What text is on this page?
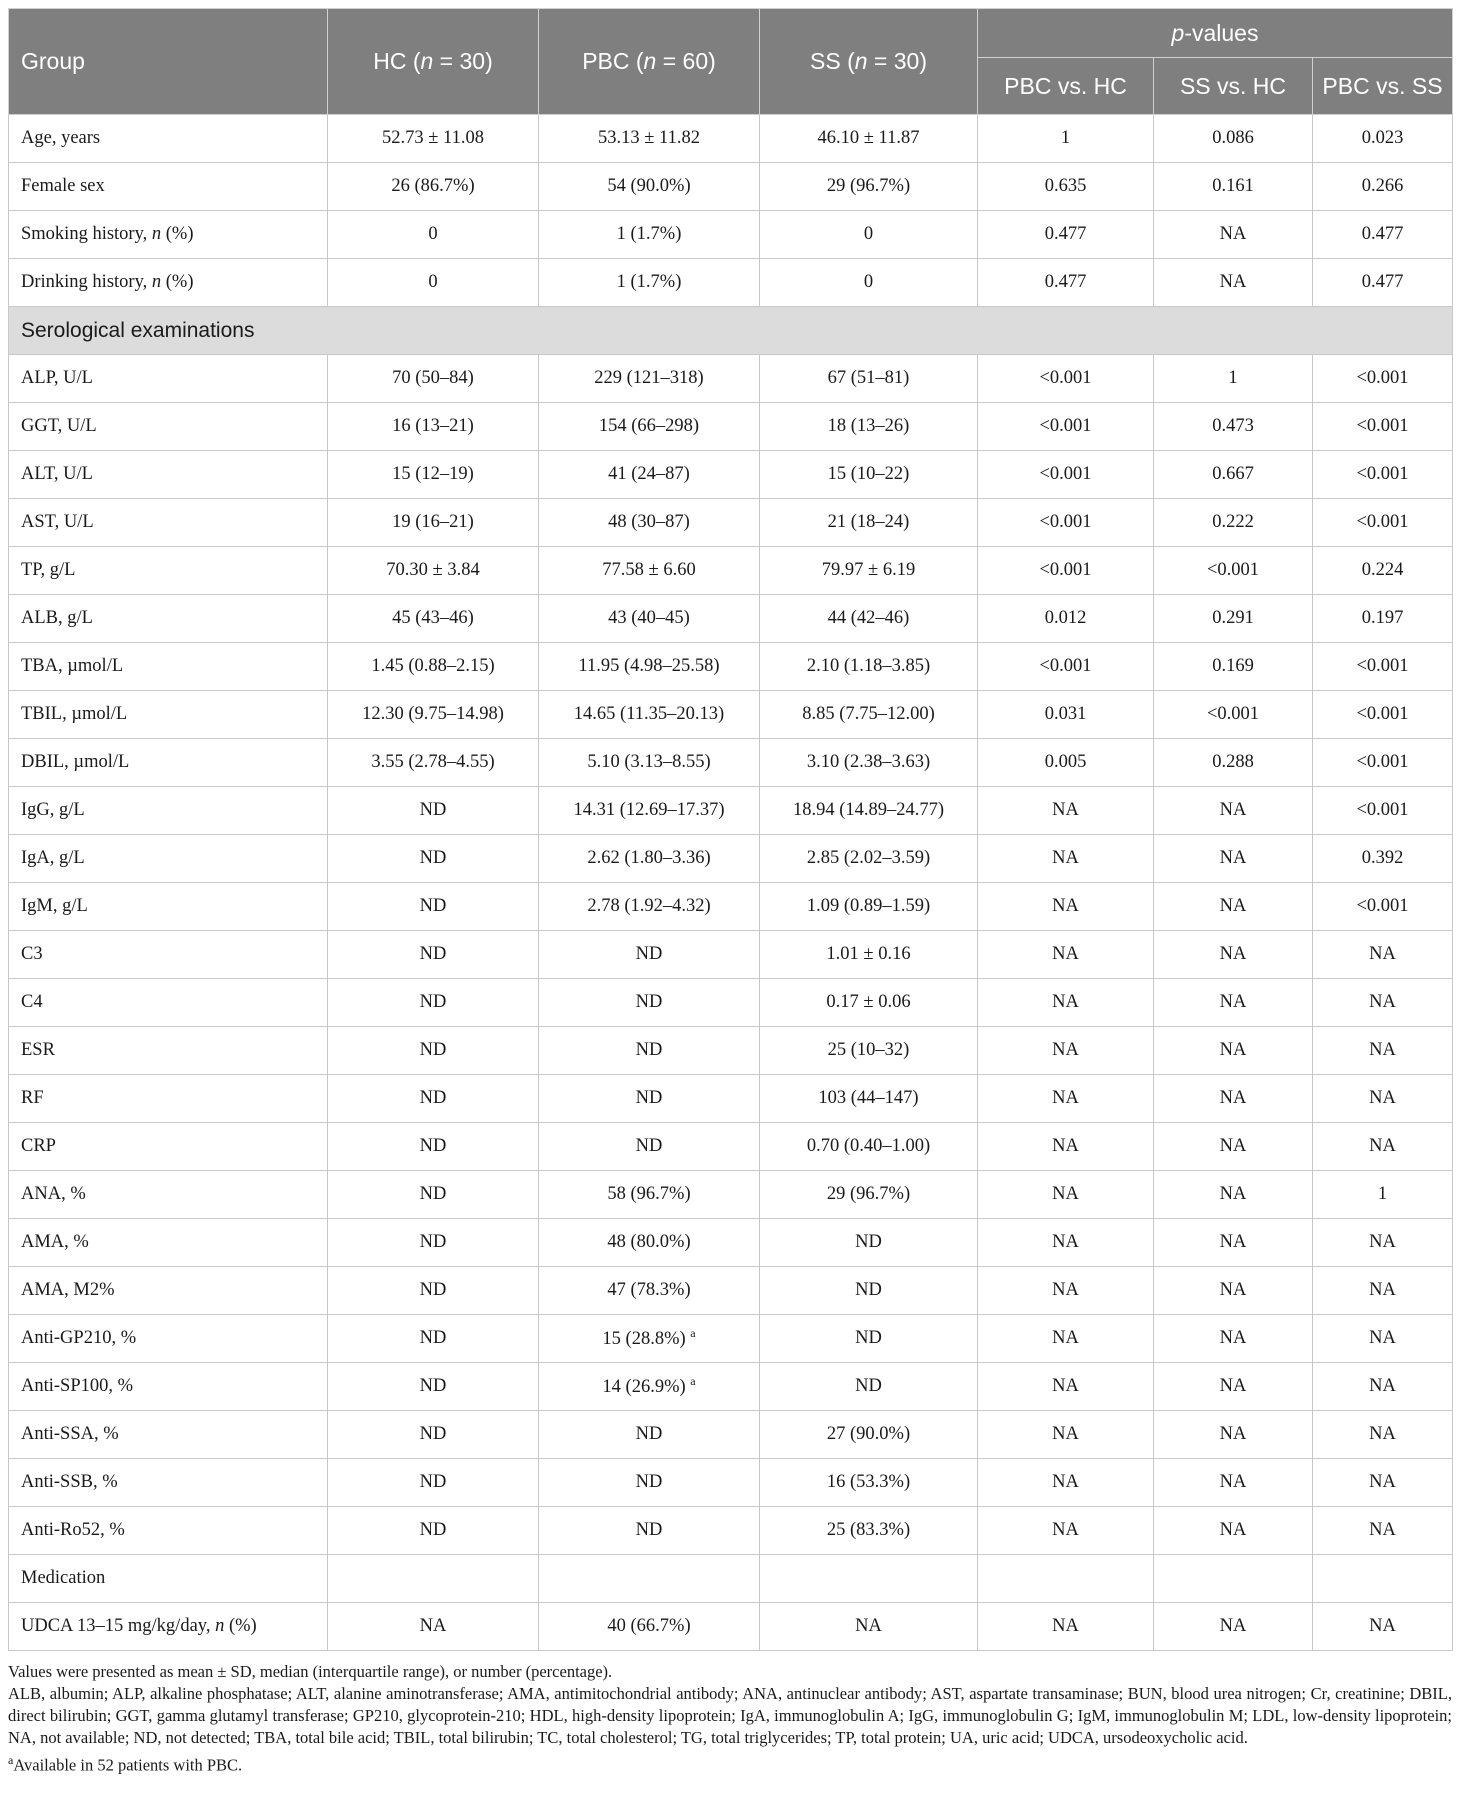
Group	HC (n = 30)	PBC (n = 60)	SS (n = 30)	p-values		
				PBC vs. HC	SS vs. HC	PBC vs. SS
Age, years	52.73 ± 11.08	53.13 ± 11.82	46.10 ± 11.87	1	0.086	0.023
Female sex	26 (86.7%)	54 (90.0%)	29 (96.7%)	0.635	0.161	0.266
Smoking history, n (%)	0	1 (1.7%)	0	0.477	NA	0.477
Drinking history, n (%)	0	1 (1.7%)	0	0.477	NA	0.477
Serological examinations						
ALP, U/L	70 (50–84)	229 (121–318)	67 (51–81)	<0.001	1	<0.001
GGT, U/L	16 (13–21)	154 (66–298)	18 (13–26)	<0.001	0.473	<0.001
ALT, U/L	15 (12–19)	41 (24–87)	15 (10–22)	<0.001	0.667	<0.001
AST, U/L	19 (16–21)	48 (30–87)	21 (18–24)	<0.001	0.222	<0.001
TP, g/L	70.30 ± 3.84	77.58 ± 6.60	79.97 ± 6.19	<0.001	<0.001	0.224
ALB, g/L	45 (43–46)	43 (40–45)	44 (42–46)	0.012	0.291	0.197
TBA, µmol/L	1.45 (0.88–2.15)	11.95 (4.98–25.58)	2.10 (1.18–3.85)	<0.001	0.169	<0.001
TBIL, µmol/L	12.30 (9.75–14.98)	14.65 (11.35–20.13)	8.85 (7.75–12.00)	0.031	<0.001	<0.001
DBIL, µmol/L	3.55 (2.78–4.55)	5.10 (3.13–8.55)	3.10 (2.38–3.63)	0.005	0.288	<0.001
IgG, g/L	ND	14.31 (12.69–17.37)	18.94 (14.89–24.77)	NA	NA	<0.001
IgA, g/L	ND	2.62 (1.80–3.36)	2.85 (2.02–3.59)	NA	NA	0.392
IgM, g/L	ND	2.78 (1.92–4.32)	1.09 (0.89–1.59)	NA	NA	<0.001
C3	ND	ND	1.01 ± 0.16	NA	NA	NA
C4	ND	ND	0.17 ± 0.06	NA	NA	NA
ESR	ND	ND	25 (10–32)	NA	NA	NA
RF	ND	ND	103 (44–147)	NA	NA	NA
CRP	ND	ND	0.70 (0.40–1.00)	NA	NA	NA
ANA, %	ND	58 (96.7%)	29 (96.7%)	NA	NA	1
AMA, %	ND	48 (80.0%)	ND	NA	NA	NA
AMA, M2%	ND	47 (78.3%)	ND	NA	NA	NA
Anti-GP210, %	ND	15 (28.8%) $^a$	ND	NA	NA	NA
Anti-SP100, %	ND	14 (26.9%) $^a$	ND	NA	NA	NA
Anti-SSA, %	ND	ND	27 (90.0%)	NA	NA	NA
Anti-SSB, %	ND	ND	16 (53.3%)	NA	NA	NA
Anti-Ro52, %	ND	ND	25 (83.3%)	NA	NA	NA
Medication						
UDCA 13–15 mg/kg/day, n (%)	NA	40 (66.7%)	NA	NA	NA	NA

Values were presented as mean ± SD, median (interquartile range), or number (percentage).

ALB, albumin; ALP, alkaline phosphatase; ALT, alanine aminotransferase; AMA, antimitochondrial antibody; ANA, antinuclear antibody; AST, aspartate transaminase; BUN, blood urea nitrogen; Cr, creatinine; DBIL, direct bilirubin; GGT, gamma glutamyl transferase; GP210, glycoprotein-210; HDL, high-density lipoprotein; IgA, immunoglobulin A; IgG, immunoglobulin G; IgM, immunoglobulin M; LDL, low-density lipoprotein; NA, not available; ND, not detected; TBA, total bile acid; TBIL, total bilirubin; TC, total cholesterol; TG, total triglycerides; TP, total protein; UA, uric acid; UDCA, ursodeoxycholic acid.

$^a$Available in 52 patients with PBC.
